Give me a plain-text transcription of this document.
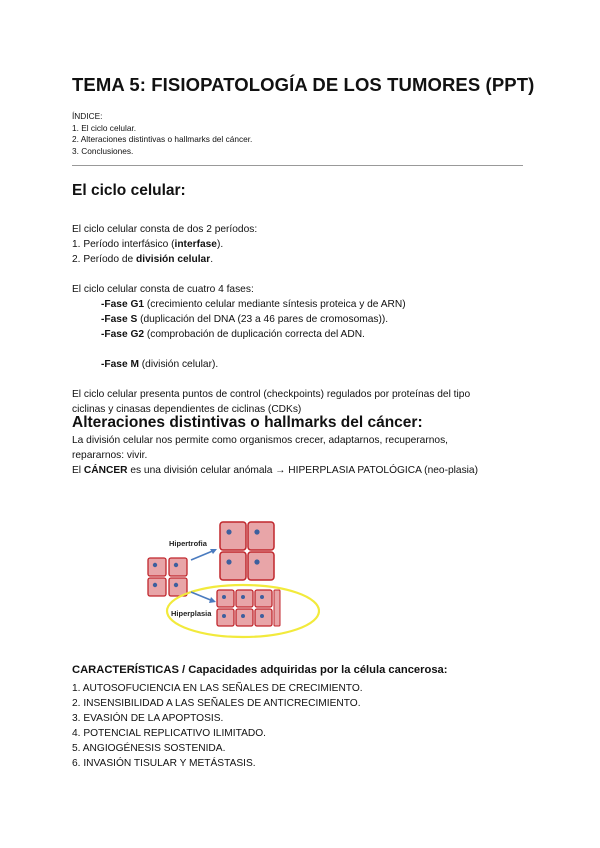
TEMA 5: FISIOPATOLOGÍA DE LOS TUMORES (PPT)
ÍNDICE:
1. El ciclo celular.
2. Alteraciones distintivas o hallmarks del cáncer.
3. Conclusiones.
El ciclo celular:

El ciclo celular consta de dos 2 períodos:

1. Período interfásico (interfase).

2. Período de división celular.

El ciclo celular consta de cuatro 4 fases:

-Fase G1 (crecimiento celular mediante síntesis proteica y de ARN)

-Fase S (duplicación del DNA (23 a 46 pares de cromosomas)).

-Fase G2 (comprobación de duplicación correcta del ADN.

-Fase M (división celular).

El ciclo celular presenta puntos de control (checkpoints) regulados por proteínas del tipo

ciclinas y cinasas dependientes de ciclinas (CDKs)

Alteraciones distintivas o hallmarks del cáncer:

La división celular nos permite como organismos crecer, adaptarnos, recuperarnos,

repararnos: vivir.

El CÁNCER es una división celular anómala → HIPERPLASIA PATOLÓGICA (neo-plasia)

Hipertrofia
Hiperplasia
CARACTERÍSTICAS / Capacidades adquiridas por la célula cancerosa:

1. AUTOSOFUCIENCIA EN LAS SEÑALES DE CRECIMIENTO.

2. INSENSIBILIDAD A LAS SEÑALES DE ANTICRECIMIENTO.

3. EVASIÓN DE LA APOPTOSIS.

4. POTENCIAL REPLICATIVO ILIMITADO.

5. ANGIOGÉNESIS SOSTENIDA.

6. INVASIÓN TISULAR Y METÁSTASIS.
